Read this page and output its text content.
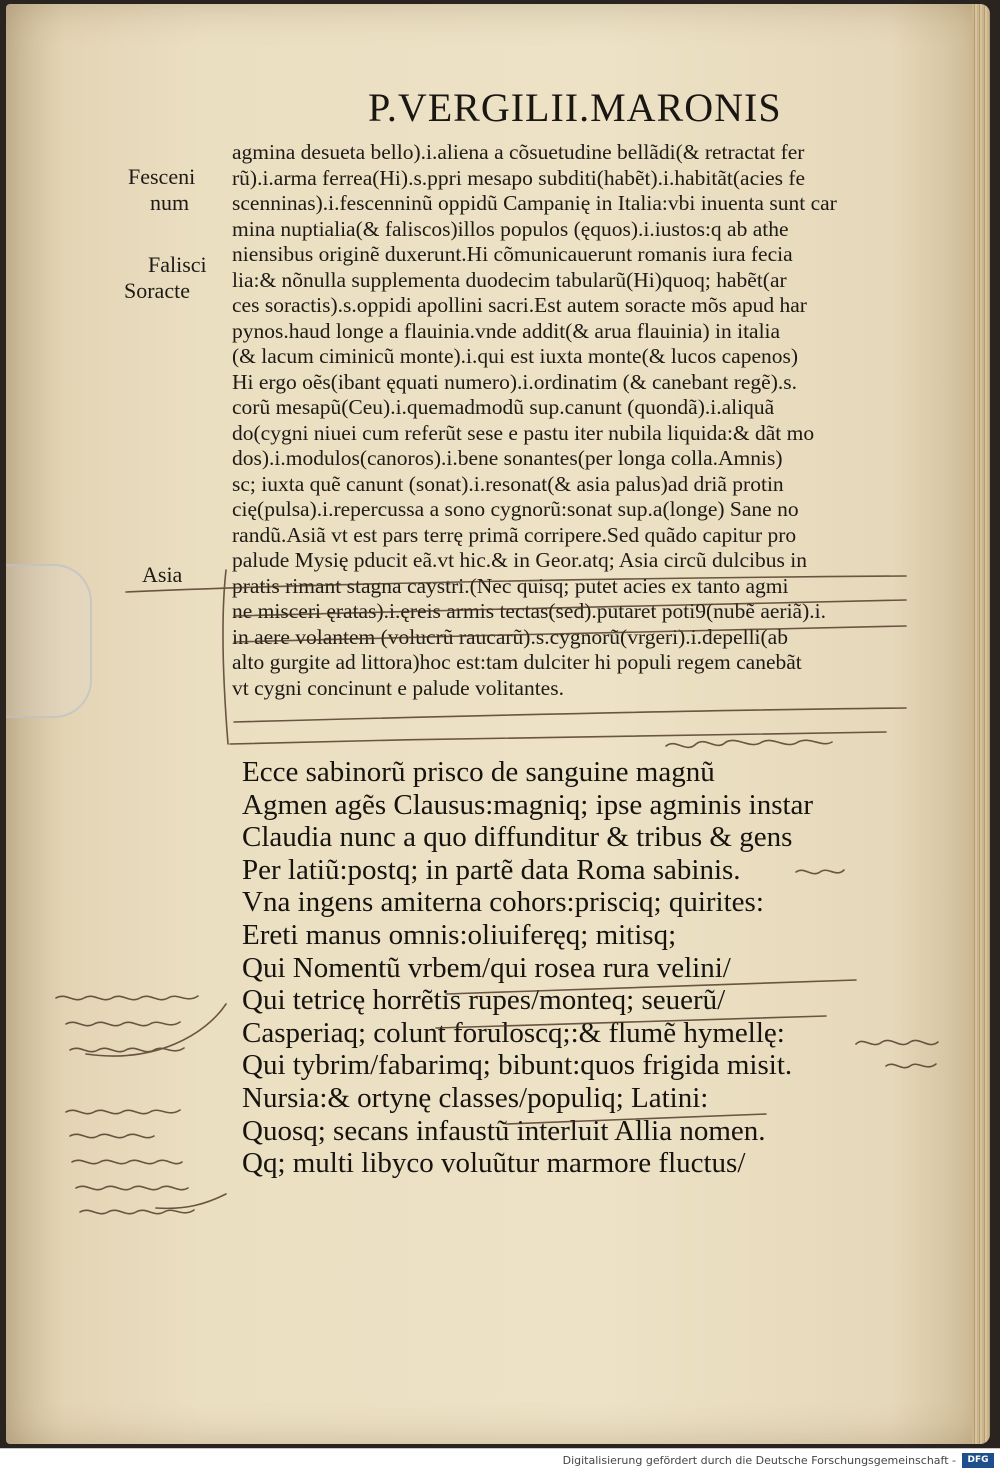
P.VERGILII.MARONIS
Fesceni
num
Falisci
Soracte
Asia
agmina desueta bello).i.aliena a cõsuetudine bellãdi(& retractat fer
rũ).i.arma ferrea(Hi).s.ppri mesapo subditi(habẽt).i.habitãt(acies fe
scenninas).i.fescenninũ oppidũ Campanię in Italia:vbi inuenta sunt car
mina nuptialia(& faliscos)illos populos (ęquos).i.iustos:q ab athe
niensibus originẽ duxerunt.Hi cõmunicauerunt romanis iura fecia
lia:& nõnulla supplementa duodecim tabularũ(Hi)quoq; habẽt(ar
ces soractis).s.oppidi apollini sacri.Est autem soracte mõs apud har
pynos.haud longe a flauinia.vnde addit(& arua flauinia) in italia
(& lacum ciminicũ monte).i.qui est iuxta monte(& lucos capenos)
Hi ergo oẽs(ibant ęquati numero).i.ordinatim (& canebant regẽ).s.
corũ mesapũ(Ceu).i.quemadmodũ sup.canunt (quondã).i.aliquã
do(cygni niuei cum referũt sese e pastu iter nubila liquida:& dãt mo
dos).i.modulos(canoros).i.bene sonantes(per longa colla.Amnis)
sc; iuxta quẽ canunt (sonat).i.resonat(& asia palus)ad driã protin
cię(pulsa).i.repercussa a sono cygnorũ:sonat sup.a(longe) Sane no
randũ.Asiã vt est pars terrę primã corripere.Sed quãdo capitur pro
palude Mysię pducit eã.vt hic.& in Geor.atq; Asia circũ dulcibus in
pratis rimant stagna caystri.(Nec quisq; putet acies ex tanto agmi
ne misceri ęratas).i.ęreis armis tectas(sed).putaret poti9(nubẽ aeriã).i.
in aere volantem (volucrũ raucarũ).s.cygnorũ(vrgeri).i.depelli(ab
alto gurgite ad littora)hoc est:tam dulciter hi populi regem canebãt
vt cygni concinunt e palude volitantes.
Ecce sabinorũ prisco de sanguine magnũ
Agmen agẽs Clausus:magniq; ipse agminis instar
Claudia nunc a quo diffunditur & tribus & gens
Per latiũ:postq; in partẽ data Roma sabinis.
Vna ingens amiterna cohors:prisciq; quirites:
Ereti manus omnis:oliuiferęq; mitisq;
Qui Nomentũ vrbem/qui rosea rura velini/
Qui tetricę horrẽtis rupes/monteq; seuerũ/
Casperiaq; colunt foruloscq;:& flumẽ hymellę:
Qui tybrim/fabarimq; bibunt:quos frigida misit.
Nursia:& ortynę classes/populiq; Latini:
Quosq; secans infaustũ interluit Allia nomen.
Qq; multi libyco voluũtur marmore fluctus/
Digitalisierung gefördert durch die Deutsche Forschungsgemeinschaft -	DFG
